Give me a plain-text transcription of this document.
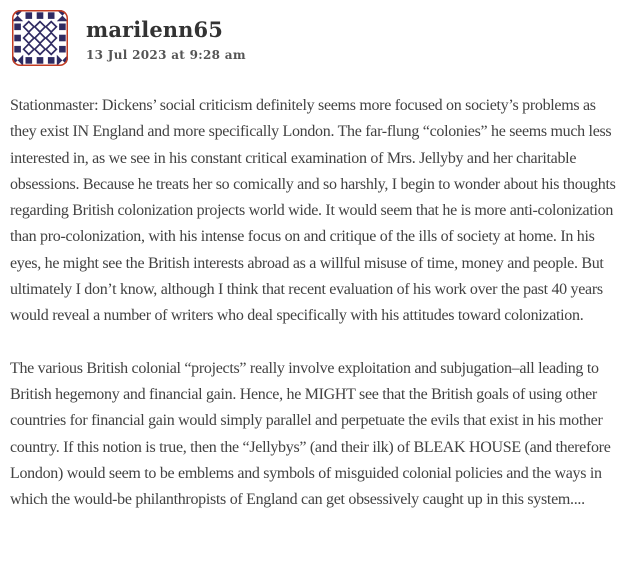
marilenn65
13 Jul 2023 at 9:28 am

Stationmaster: Dickens’ social criticism definitely seems more focused on society’s problems as they exist IN England and more specifically London. The far-flung “colonies” he seems much less interested in, as we see in his constant critical examination of Mrs. Jellyby and her charitable obsessions. Because he treats her so comically and so harshly, I begin to wonder about his thoughts regarding British colonization projects world wide. It would seem that he is more anti-colonization than pro-colonization, with his intense focus on and critique of the ills of society at home. In his eyes, he might see the British interests abroad as a willful misuse of time, money and people. But ultimately I don’t know, although I think that recent evaluation of his work over the past 40 years would reveal a number of writers who deal specifically with his attitudes toward colonization.

The various British colonial “projects” really involve exploitation and subjugation–all leading to British hegemony and financial gain. Hence, he MIGHT see that the British goals of using other countries for financial gain would simply parallel and perpetuate the evils that exist in his mother country. If this notion is true, then the “Jellybys” (and their ilk) of BLEAK HOUSE (and therefore London) would seem to be emblems and symbols of misguided colonial policies and the ways in which the would-be philanthropists of England can get obsessively caught up in this system....
